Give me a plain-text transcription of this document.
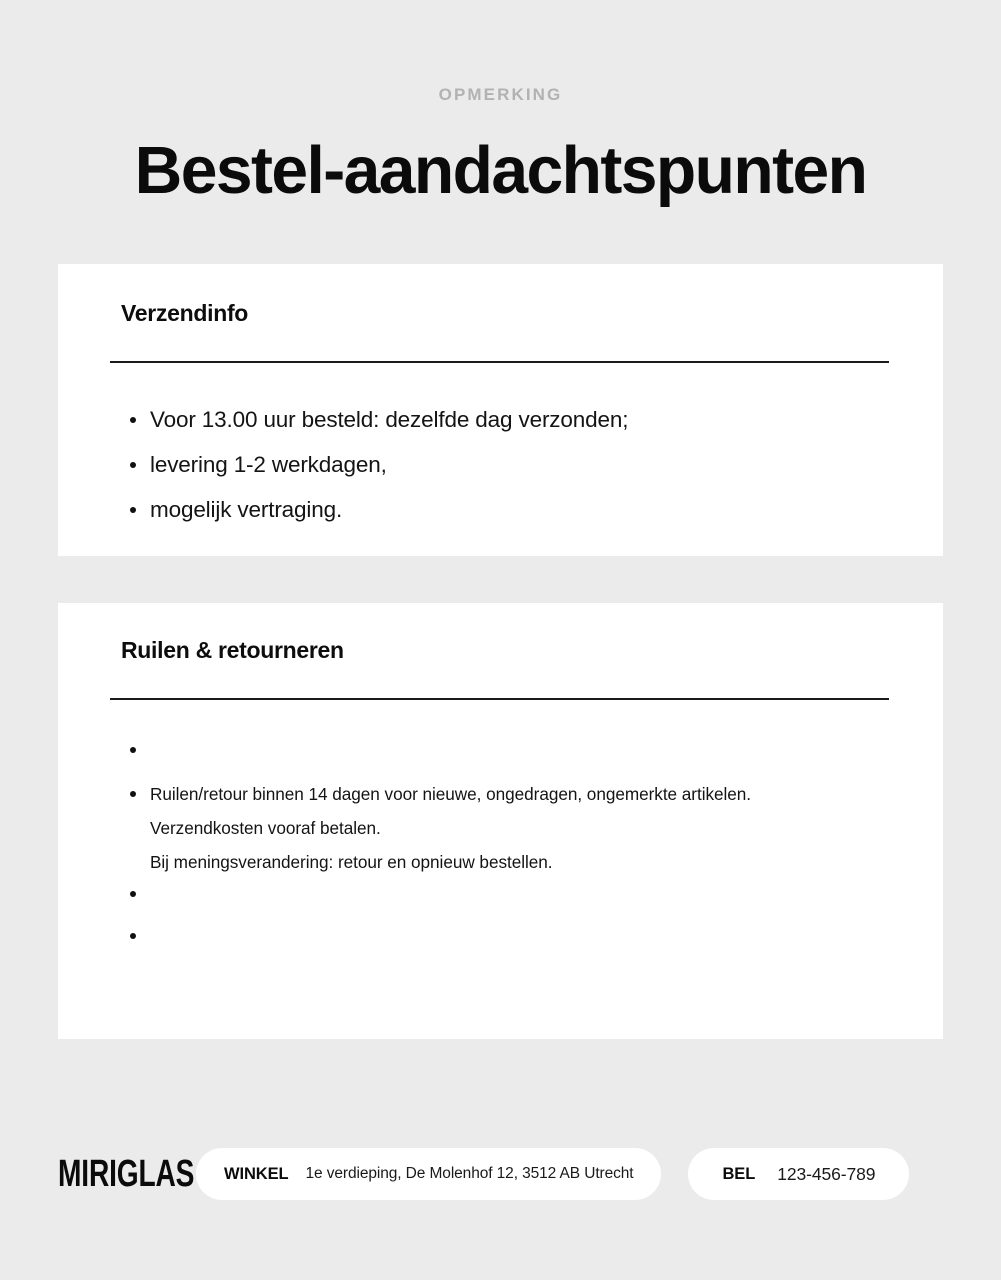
OPMERKING

Bestel-aandachtspunten
Verzendinfo
Voor 13.00 uur besteld: dezelfde dag verzonden;
levering 1-2 werkdagen,
mogelijk vertraging.
Ruilen & retourneren
Ruilen/retour binnen 14 dagen voor nieuwe, ongedragen, ongemerkte artikelen.
Verzendkosten vooraf betalen.
Bij meningsverandering: retour en opnieuw bestellen.
MIRIGLAS WINKEL 1e verdieping, De Molenhof 12, 3512 AB Utrecht	BEL 123-456-789
